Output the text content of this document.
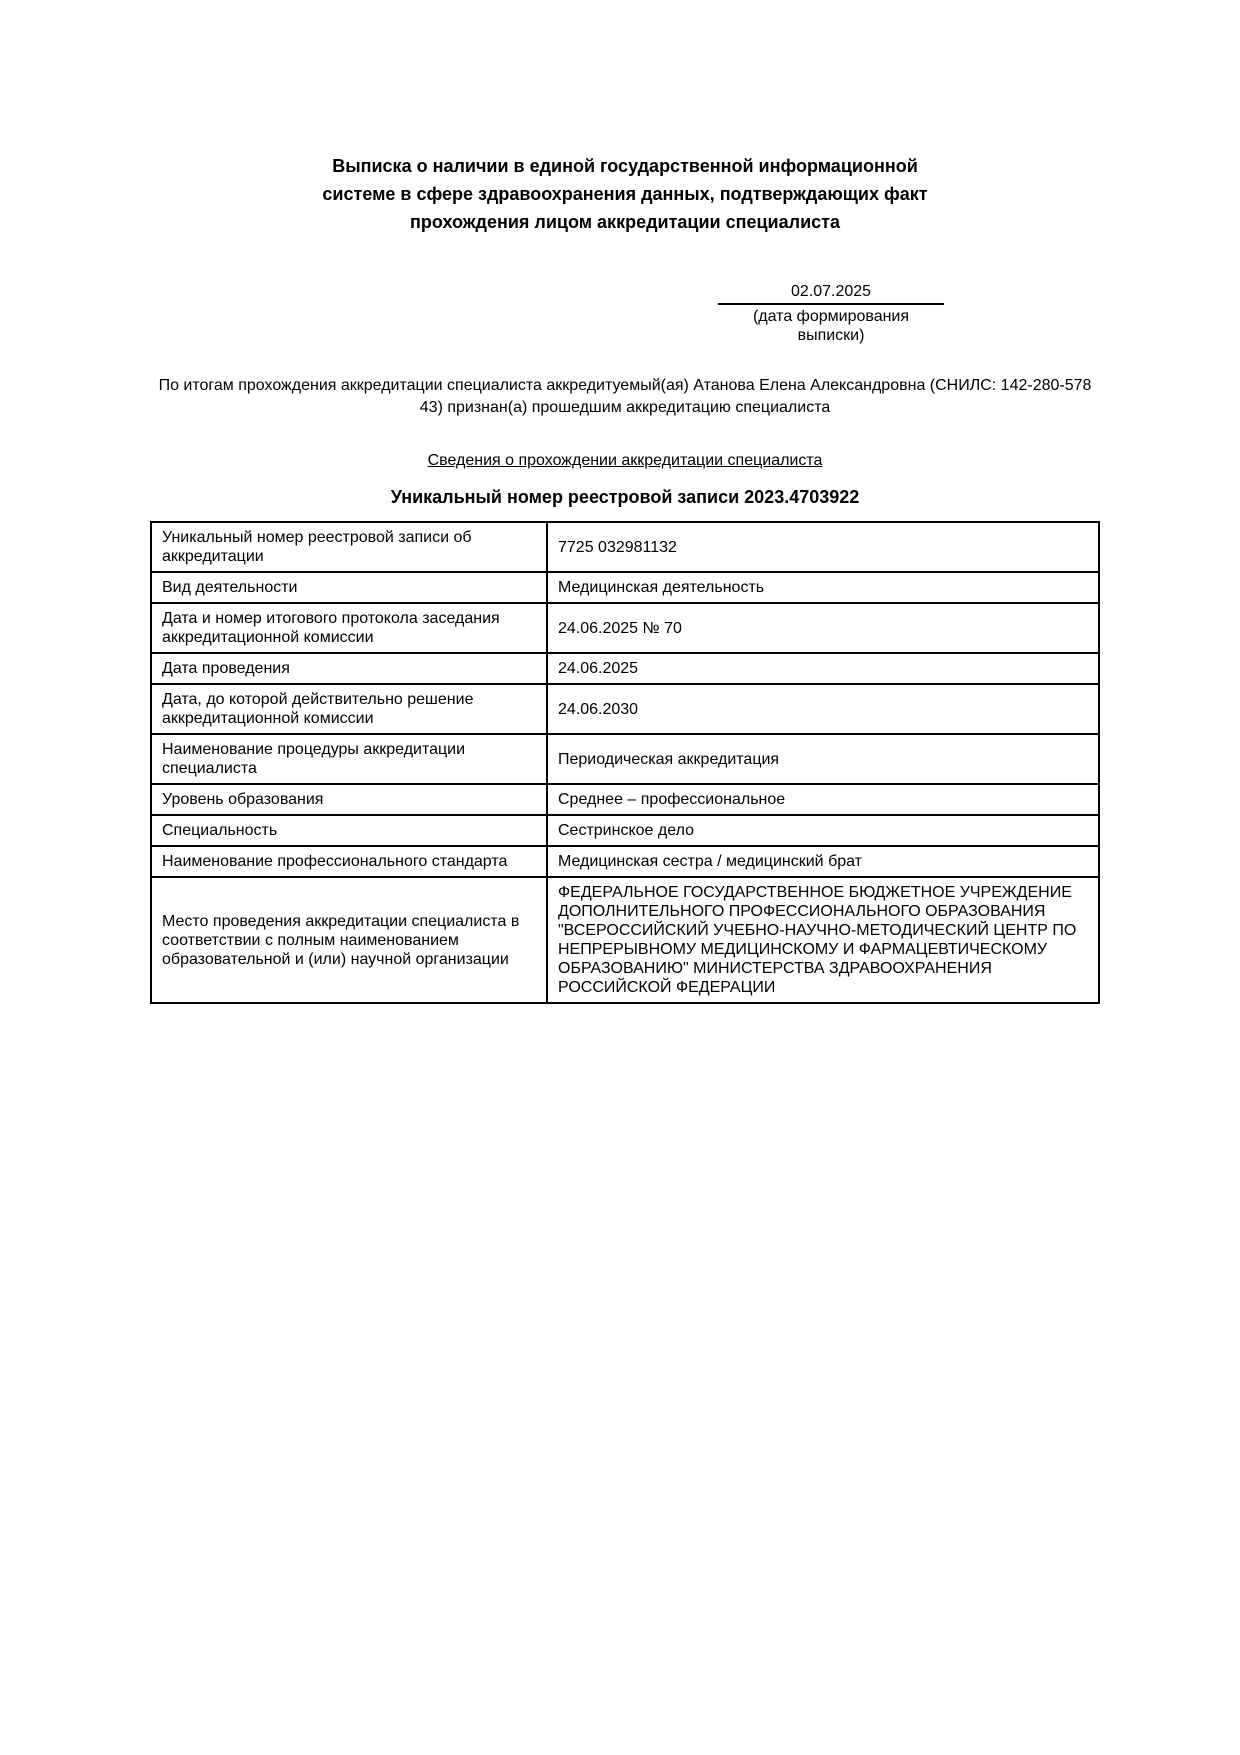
Выписка о наличии в единой государственной информационной
системе в сфере здравоохранения данных, подтверждающих факт
прохождения лицом аккредитации специалиста
02.07.2025
(дата формирования выписки)

По итогам прохождения аккредитации специалиста аккредитуемый(ая) Атанова Елена Александровна (СНИЛС: 142-280-578 43) признан(а) прошедшим аккредитацию специалиста

Сведения о прохождении аккредитации специалиста
Уникальный номер реестровой записи 2023.4703922
Уникальный номер реестровой записи об аккредитации	7725 032981132
Вид деятельности	Медицинская деятельность
Дата и номер итогового протокола заседания аккредитационной комиссии	24.06.2025 № 70
Дата проведения	24.06.2025
Дата, до которой действительно решение аккредитационной комиссии	24.06.2030
Наименование процедуры аккредитации специалиста	Периодическая аккредитация
Уровень образования	Среднее – профессиональное
Специальность	Сестринское дело
Наименование профессионального стандарта	Медицинская сестра / медицинский брат
Место проведения аккредитации специалиста в соответствии с полным наименованием образовательной и (или) научной организации	ФЕДЕРАЛЬНОЕ ГОСУДАРСТВЕННОЕ БЮДЖЕТНОЕ УЧРЕЖДЕНИЕ ДОПОЛНИТЕЛЬНОГО ПРОФЕССИОНАЛЬНОГО ОБРАЗОВАНИЯ "ВСЕРОССИЙСКИЙ УЧЕБНО-НАУЧНО-МЕТОДИЧЕСКИЙ ЦЕНТР ПО НЕПРЕРЫВНОМУ МЕДИЦИНСКОМУ И ФАРМАЦЕВТИЧЕСКОМУ ОБРАЗОВАНИЮ" МИНИСТЕРСТВА ЗДРАВООХРАНЕНИЯ РОССИЙСКОЙ ФЕДЕРАЦИИ
